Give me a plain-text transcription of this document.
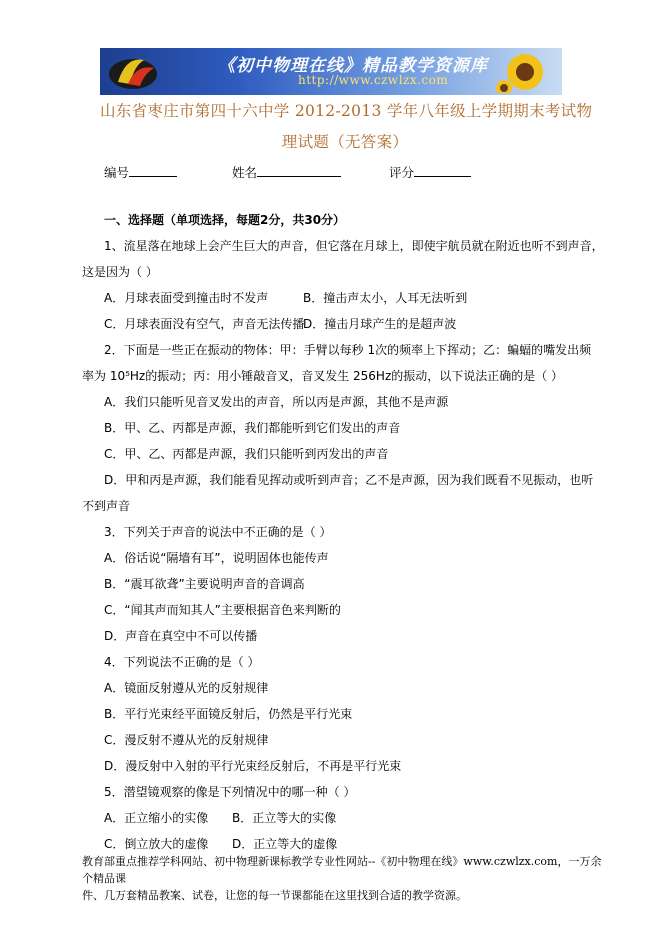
《初中物理在线》精品教学资源库
http://www.czwlzx.com
山东省枣庄市第四十六中学 2012-2013 学年八年级上学期期末考试物
理试题（无答案）
编号	姓名	评分
一、选择题（单项选择，每题2分，共30分）
1、流星落在地球上会产生巨大的声音，但它落在月球上，即使宇航员就在附近也听不到声音，
这是因为（ ）
A．月球表面受到撞击时不发声	B．撞击声太小，人耳无法听到
C．月球表面没有空气，声音无法传播
D．撞击月球产生的是超声波
2．下面是一些正在振动的物体：甲：手臂以每秒 1次的频率上下挥动；乙：蝙蝠的嘴发出频
率为 10⁵Hz的振动；丙：用小锤敲音叉，音叉发生 256Hz的振动，以下说法正确的是（ ）
A．我们只能听见音叉发出的声音，所以丙是声源，其他不是声源
B．甲、乙、丙都是声源，我们都能听到它们发出的声音
C．甲、乙、丙都是声源，我们只能听到丙发出的声音
D．甲和丙是声源，我们能看见挥动或听到声音；乙不是声源，因为我们既看不见振动，也听
不到声音
3．下列关于声音的说法中不正确的是（ ）
A．俗话说“隔墙有耳”，说明固体也能传声
B．“震耳欲聋”主要说明声音的音调高
C．“闻其声而知其人”主要根据音色来判断的
D．声音在真空中不可以传播
4．下列说法不正确的是（ ）
A．镜面反射遵从光的反射规律
B．平行光束经平面镜反射后，仍然是平行光束
C．漫反射不遵从光的反射规律
D．漫反射中入射的平行光束经反射后，不再是平行光束
5．潜望镜观察的像是下列情况中的哪一种（ ）
A．正立缩小的实像 B．正立等大的实像
C．倒立放大的虚像 D．正立等大的虚像
教育部重点推荐学科网站、初中物理新课标教学专业性网站--《初中物理在线》www.czwlzx.com，一万余个精品课
件、几万套精品教案、试卷，让您的每一节课都能在这里找到合适的教学资源。
